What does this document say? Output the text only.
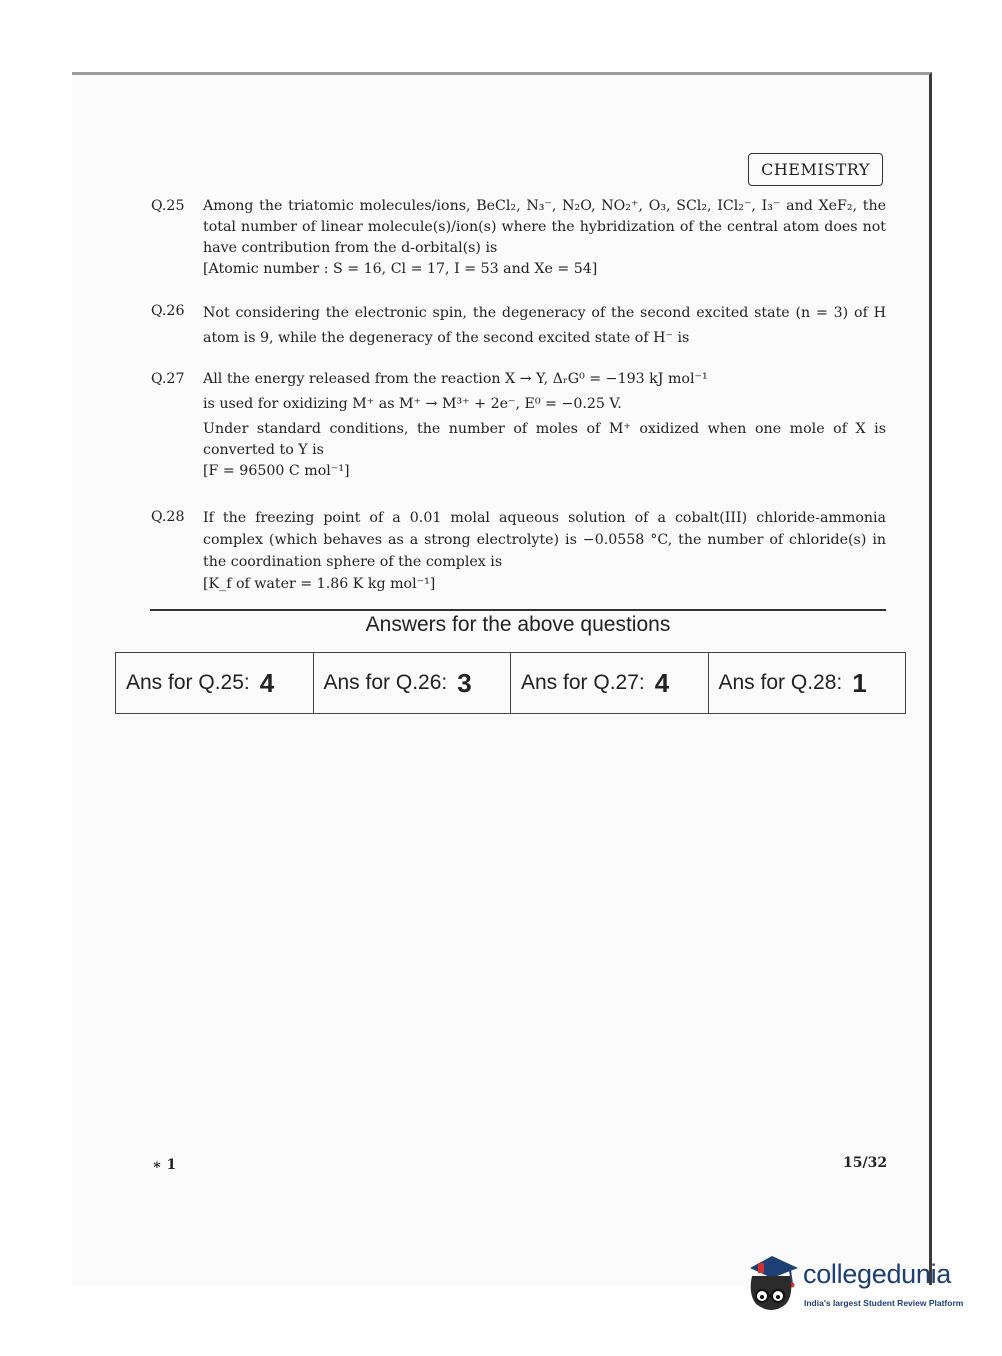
CHEMISTRY
Q.25 Among the triatomic molecules/ions, BeCl₂, N₃⁻, N₂O, NO₂⁺, O₃, SCl₂, ICl₂⁻, I₃⁻ and XeF₂, the total number of linear molecule(s)/ion(s) where the hybridization of the central atom does not have contribution from the d-orbital(s) is

[Atomic number : S = 16, Cl = 17, I = 53 and Xe = 54]

Q.26 Not considering the electronic spin, the degeneracy of the second excited state (n = 3) of H atom is 9, while the degeneracy of the second excited state of H⁻ is

Q.27 All the energy released from the reaction X → Y, ΔᵣG⁰ = −193 kJ mol⁻¹

is used for oxidizing M⁺ as M⁺ → M³⁺ + 2e⁻, E⁰ = −0.25 V.

Under standard conditions, the number of moles of M⁺ oxidized when one mole of X is converted to Y is

[F = 96500 C mol⁻¹]

Q.28 If the freezing point of a 0.01 molal aqueous solution of a cobalt(III) chloride-ammonia complex (which behaves as a strong electrolyte) is −0.0558 °C, the number of chloride(s) in the coordination sphere of the complex is

[K_f of water = 1.86 K kg mol⁻¹]

Answers for the above questions
Ans for Q.25: 4 Ans for Q.26: 3 Ans for Q.27: 4 Ans for Q.28: 1
∗ 1	15/32
collegedunia
India's largest Student Review Platform
